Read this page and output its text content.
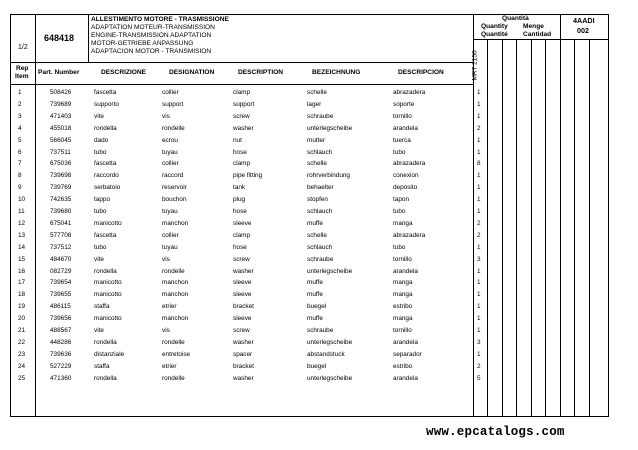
1/2
648418
ALLESTIMENTO MOTORE - TRASMISSIONE
ADAPTATION MOTEUR-TRANSMISSION
ENGINE-TRANSMISSION ADAPTATION
MOTOR-GETRIEBE ANPASSUNG
ADAPTACION MOTOR - TRANSMISION
Quantità
Quantity Menge
Quantité Cantidad
4AADI
002
MRT 2150
Rep
Item
Part. Number	DESCRIZIONE	DESIGNATION	DESCRIPTION	BEZEICHNUNG	DESCRIPCION
1	508426	fascetta	collier	clamp	schelle	abrazadera	1
2	739689	supporto	support	support	lager	soporte	1
3	471403	vite	vis	screw	schraube	tornillo	1
4	455018	rondella	rondelle	washer	unterlegscheibe	arandela	2
5	566045	dado	ecrou	nut	mutter	tuerca	1
6	737511	tubo	tuyau	hose	schlauch	tubo	1
7	675036	fascetta	collier	clamp	schelle	abrazadera	8
8	739698	raccordo	raccord	pipe fitting	rohrverbindung	conexion	1
9	739769	serbatoio	reservoir	tank	behaelter	deposito	1
10	742635	tappo	bouchon	plug	stopfen	tapon	1
11	739680	tubo	tuyau	hose	schlauch	tubo	1
12	675041	manicotto	manchon	sleeve	muffe	manga	2
13	577708	fascetta	collier	clamp	schelle	abrazadera	2
14	737512	tubo	tuyau	hose	schlauch	tubo	1
15	484670	vite	vis	screw	schraube	tornillo	3
16	082729	rondella	rondelle	washer	unterlegscheibe	arandela	1
17	739654	manicotto	manchon	sleeve	muffe	manga	1
18	739655	manicotto	manchon	sleeve	muffe	manga	1
19	486115	staffa	etrier	bracket	buegel	estribo	1
20	739656	manicotto	manchon	sleeve	muffe	manga	1
21	488567	vite	vis	screw	schraube	tornillo	1
22	448286	rondella	rondelle	washer	unterlegscheibe	arandela	3
23	739636	distanziale	entretoise	spacer	abstandstuck	separador	1
24	527229	staffa	etrier	bracket	buegel	estribo	2
25	471360	rondella	rondelle	washer	unterlegscheibe	arandela	5
www.epcatalogs.com
